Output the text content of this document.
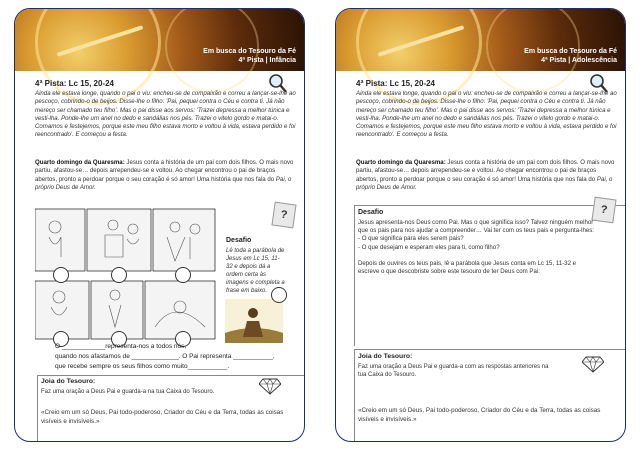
Em busca do Tesouro da Fé
4ª Pista | Infância
4ª Pista: Lc 15, 20-24

Ainda ele estava longe, quando o pai o viu: encheu-se de compaixão e correu a lançar-se-lhe ao pescoço, cobrindo-o de beijos. Disse-lhe o filho: 'Pai, pequei contra o Céu e contra ti. Já não mereço ser chamado teu filho'. Mas o pai disse aos servos: 'Trazei depressa a melhor túnica e vesti-lha. Ponde-lhe um anel no dedo e sandálias nos pés. Trazei o vitelo gordo e matai-o. Comamos e festejemos, porque este meu filho estava morto e voltou à vida, estava perdido e foi reencontrado'. E começou a festa.

Quarto domingo da Quaresma: Jesus conta a história de um pai com dois filhos. O mais novo partiu, afastou-se… depois arrependeu-se e voltou. Ao chegar encontrou o pai de braços abertos, pronto a perdoar porque o seu coração é só amor! Uma história que nos fala do Pai, o próprio Deus de Amor.

?
Desafio

Lê toda a parábola de Jesus em Lc 15, 11-32 e depois dá a ordem certa às imagens e completa a frase em baixo.

O ____________representa-nos a todos nós,
quando nos afastamos de _____________. O Pai representa ___________,
que recebe sempre os seus filhos como muito___________.
Joia do Tesouro:

Faz uma oração a Deus Pai e guarda-a na tua Caixa do Tesouro.

«Creio em um só Deus, Pai todo-poderoso, Criador do Céu e da Terra, todas as coisas visíveis e invisíveis.»

Em busca do Tesouro da Fé
4ª Pista | Adolescência
4ª Pista: Lc 15, 20-24

Ainda ele estava longe, quando o pai o viu: encheu-se de compaixão e correu a lançar-se-lhe ao pescoço, cobrindo-o de beijos. Disse-lhe o filho: 'Pai, pequei contra o Céu e contra ti. Já não mereço ser chamado teu filho'. Mas o pai disse aos servos: 'Trazei depressa a melhor túnica e vesti-lha. Ponde-lhe um anel no dedo e sandálias nos pés. Trazei o vitelo gordo e matai-o. Comamos e festejemos, porque este meu filho estava morto e voltou à vida, estava perdido e foi reencontrado'. E começou a festa.

Quarto domingo da Quaresma: Jesus conta a história de um pai com dois filhos. O mais novo partiu, afastou-se… depois arrependeu-se e voltou. Ao chegar encontrou o pai de braços abertos, pronto a perdoar porque o seu coração é só amor! Uma história que nos fala do Pai, o próprio Deus de Amor.

?
Desafio

Jesus apresenta-nos Deus como Pai. Mas o que significa isso? Talvez ninguém melhor que os pais para nos ajudar a compreender… Vai ter com os teus pais e pergunta-lhes:
- O que significa para eles serem pais?
- O que desejam e esperam eles para ti, como filho?

Depois de ouvires os teus pais, lê a parábola que Jesus conta em Lc 15, 11-32 e escreve o que descobriste sobre este tesouro de ter Deus com Pai:

Joia do Tesouro:

Faz uma oração a Deus Pai e guarda-a com as respostas anteriores na tua Caixa do Tesouro.

«Creio em um só Deus, Pai todo-poderoso, Criador do Céu e da Terra, todas as coisas visíveis e invisíveis.»
